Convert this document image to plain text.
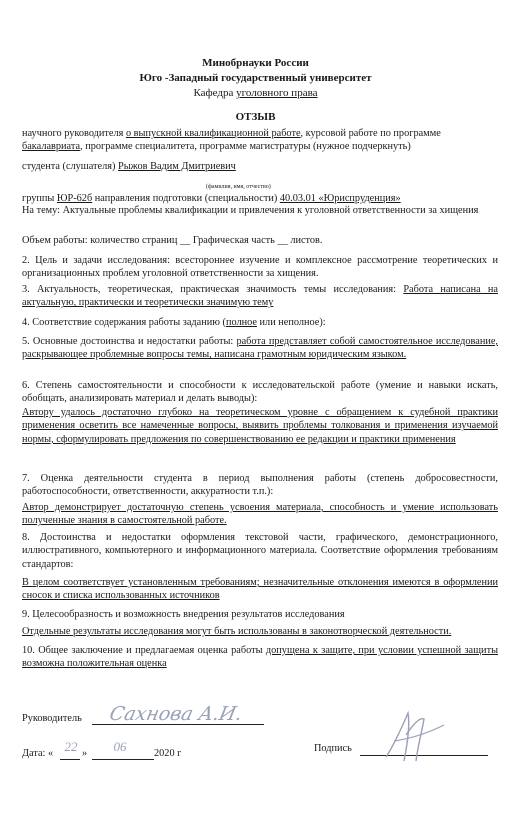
Минобрнауки России
Юго -Западный государственный университет
Кафедра уголовного права
ОТЗЫВ
научного руководителя о выпускной квалификационной работе, курсовой работе по программе
бакалавриата, программе специалитета, программе магистратуры (нужное подчеркнуть)
студента (слушателя) Рыжов Вадим Дмитриевич
(фамилия, имя, отчество)
группы ЮР-62б направления подготовки (специальности) 40.03.01 «Юриспруденция»
На тему: Актуальные проблемы квалификации и привлечения к уголовной ответственности за хищения
Объем работы: количество страниц __ Графическая часть __ листов.
2. Цель и задачи исследования: всестороннее изучение и комплексное рассмотрение теоретических и организационных проблем уголовной ответственности за хищения.
3. Актуальность, теоретическая, практическая значимость темы исследования: Работа написана на актуальную, практически и теоретически значимую тему
4. Соответствие содержания работы заданию (полное или неполное):
5. Основные достоинства и недостатки работы: работа представляет собой самостоятельное исследование, раскрывающее проблемные вопросы темы, написана грамотным юридическим языком.
6. Степень самостоятельности и способности к исследовательской работе (умение и навыки искать, обобщать, анализировать материал и делать выводы):
Автору удалось достаточно глубоко на теоретическом уровне с обращением к судебной практики применения осветить все намеченные вопросы, выявить проблемы толкования и применения изучаемой нормы, сформулировать предложения по совершенствованию ее редакции и практики применения
7. Оценка деятельности студента в период выполнения работы (степень добросовестности, работоспособности, ответственности, аккуратности т.п.):
Автор демонстрирует достаточную степень усвоения материала, способность и умение использовать полученные знания в самостоятельной работе.
8. Достоинства и недостатки оформления текстовой части, графического, демонстрационного, иллюстративного, компьютерного и информационного материала. Соответствие оформления требованиям стандартов:
В целом соответствует установленным требованиям; незначительные отклонения имеются в оформлении сносок и списка использованных источников
9. Целесообразность и возможность внедрения результатов исследования
Отдельные результаты исследования могут быть использованы в законотворческой деятельности.
10. Общее заключение и предлагаемая оценка работы допущена к защите, при условии успешной защиты возможна положительная оценка
Руководитель	Сахнова А.И.
Дата: « 22 »	06	2020 г	Подпись
